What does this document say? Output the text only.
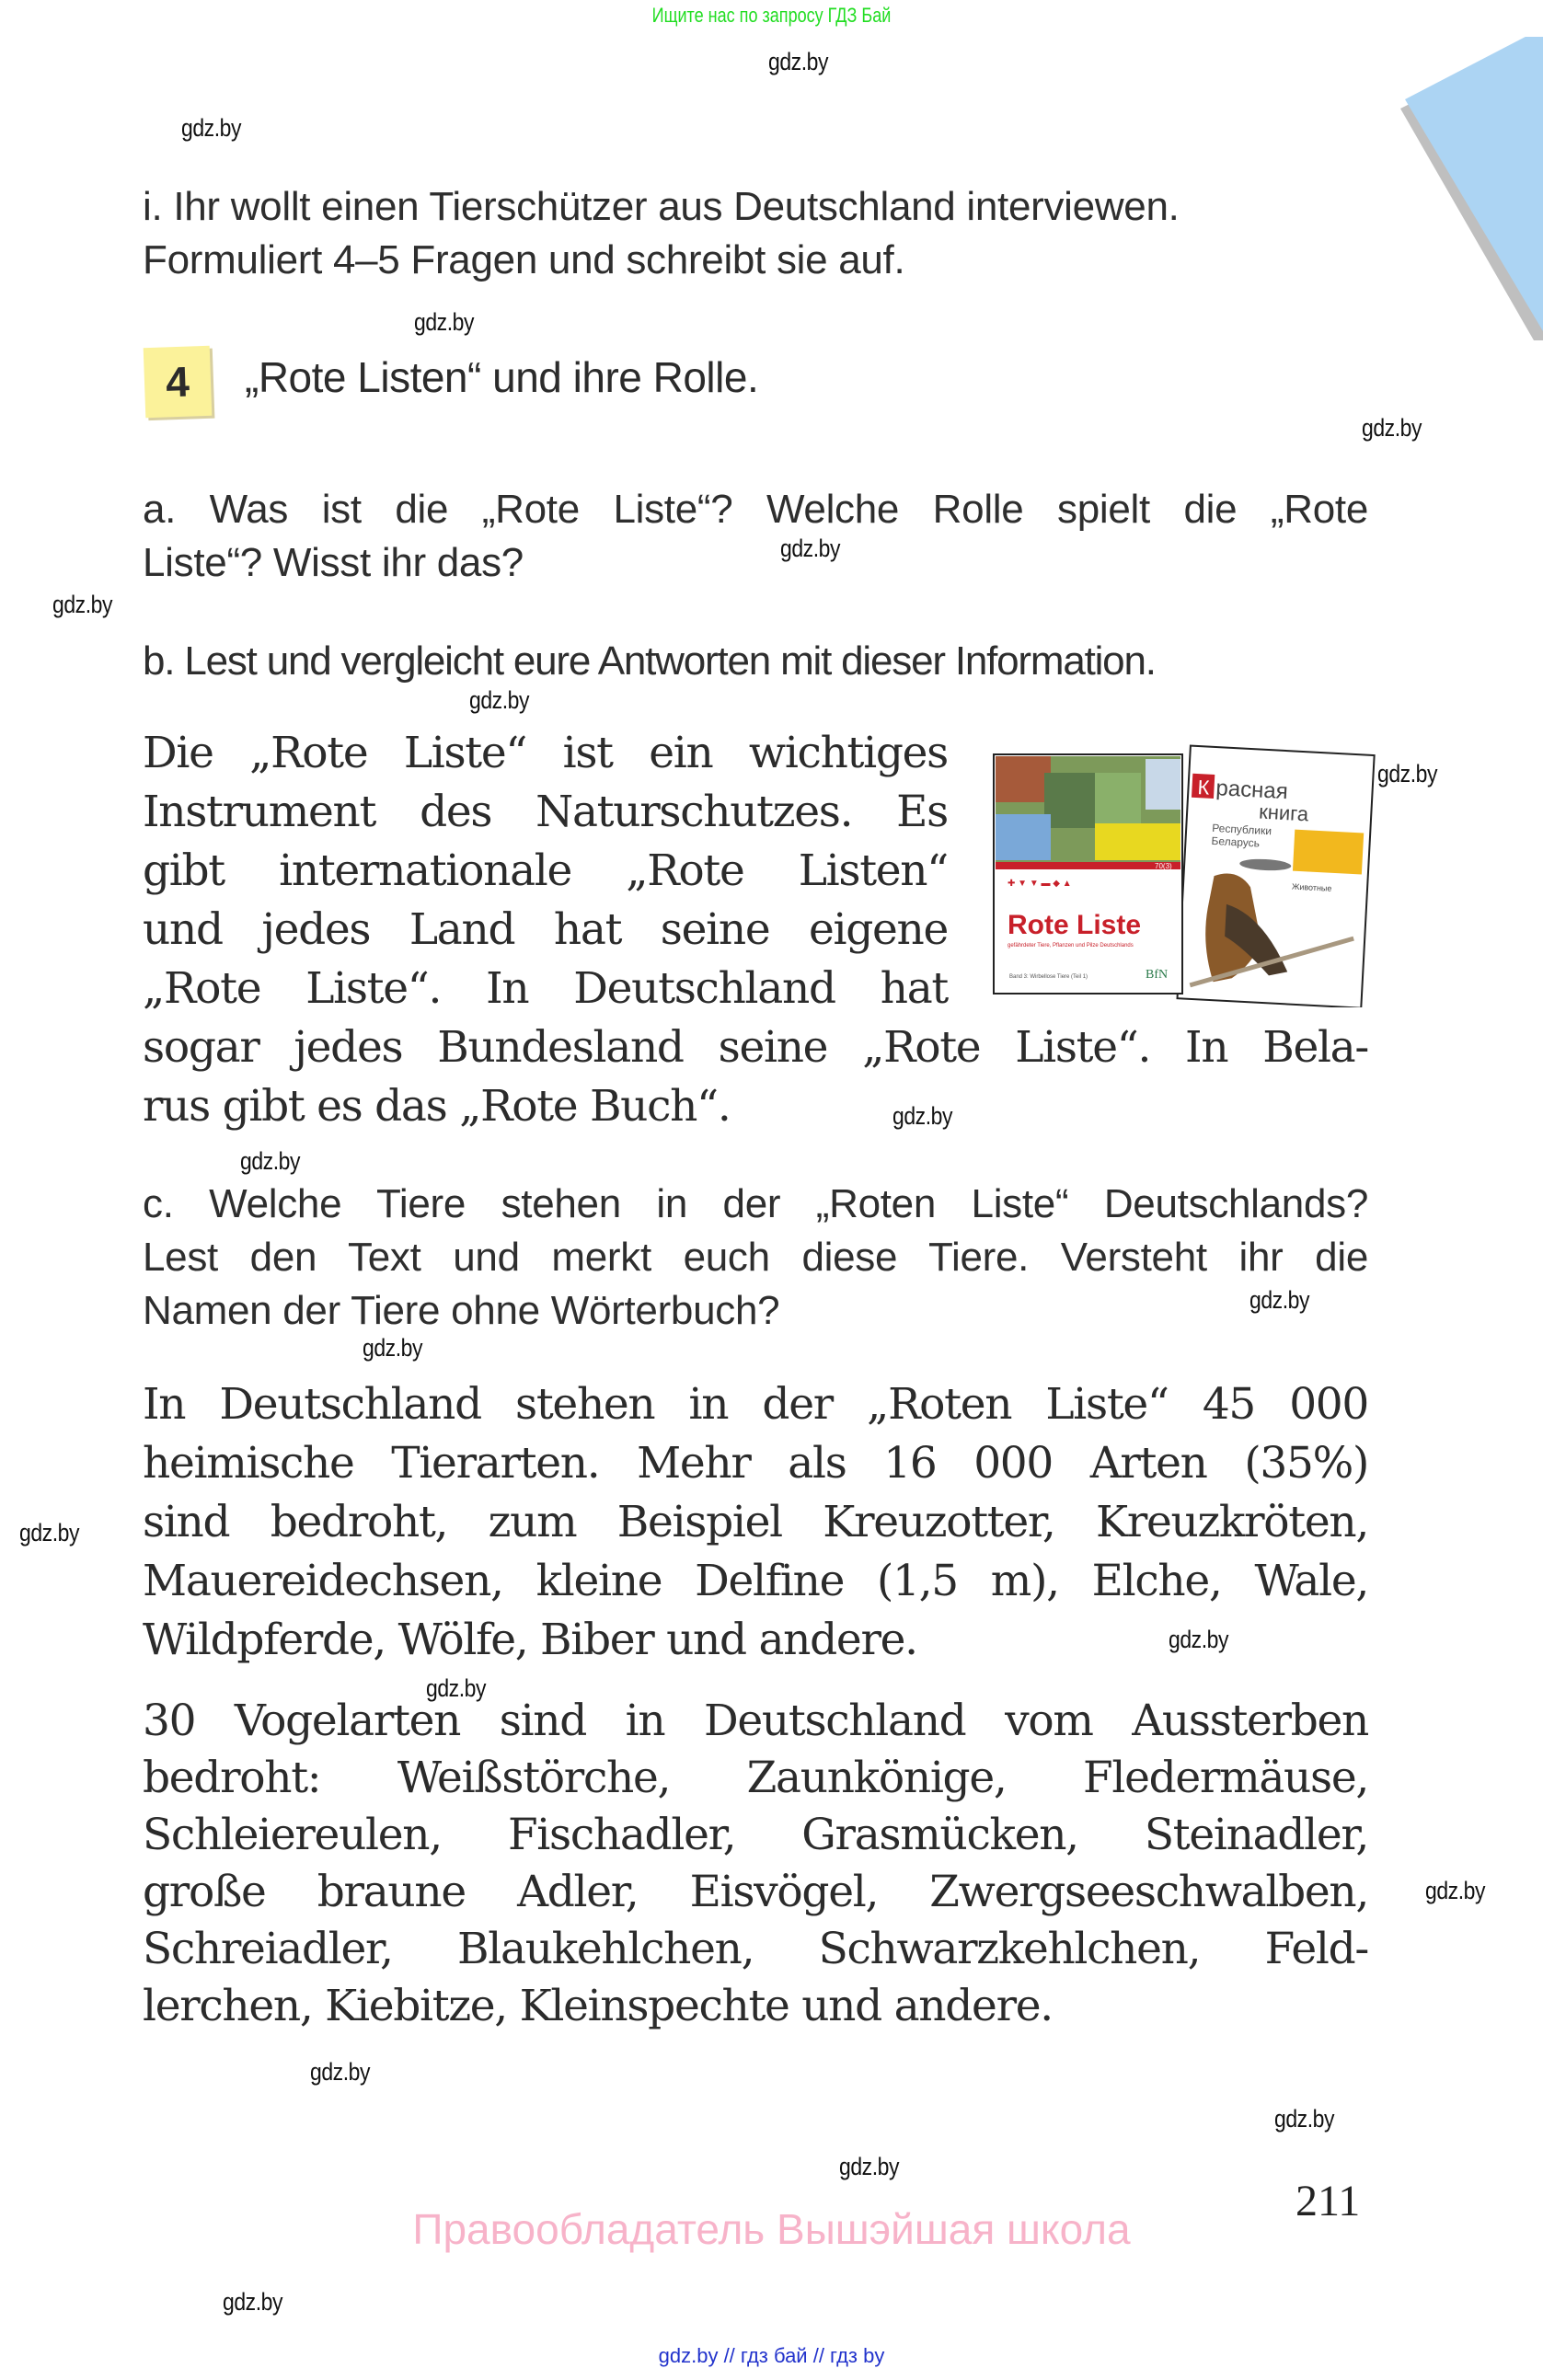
Ищите нас по запросу ГДЗ Бай
gdz.by
gdz.by
gdz.by
gdz.by
gdz.by
gdz.by
gdz.by
gdz.by
gdz.by
gdz.by
gdz.by
gdz.by
gdz.by
gdz.by
gdz.by
gdz.by
gdz.by
gdz.by
gdz.by
gdz.by
i. Ihr wollt einen Tierschützer aus Deutschland interviewen.
Formuliert 4–5 Fragen und schreibt sie auf.
4	„Rote Listen“ und ihre Rolle.
a. Was ist die „Rote Liste“? Welche Rolle spielt die „Rote
Liste“? Wisst ihr das?
b. Lest und vergleicht eure Antworten mit dieser Information.
Die „Rote Liste“ ist ein wichtiges
Instrument des Naturschutzes. Es
gibt internationale „Rote Listen“
und jedes Land hat seine eigene
„Rote Liste“. In Deutschland hat
sogar jedes Bundesland seine „Rote Liste“. In Bela-
rus gibt es das „Rote Buch“.
К расная
книга
Республики
Беларусь
Животные
70(3)
✚ ▼ ▼ ▬ ◆ ▲
Rote Liste
gefährdeter Tiere, Pflanzen und Pilze Deutschlands
Band 3: Wirbellose Tiere (Teil 1)	BfN
c. Welche Tiere stehen in der „Roten Liste“ Deutschlands?
Lest den Text und merkt euch diese Tiere. Versteht ihr die
Namen der Tiere ohne Wörterbuch?
In Deutschland stehen in der „Roten Liste“ 45 000
heimische Tierarten. Mehr als 16 000 Arten (35%)
sind bedroht, zum Beispiel Kreuzotter, Kreuzkröten,
Mauereidechsen, kleine Delfine (1,5 m), Elche, Wale,
Wildpferde, Wölfe, Biber und andere.
30 Vogelarten sind in Deutschland vom Aussterben
bedroht: Weißstörche, Zaunkönige, Fledermäuse,
Schleiereulen, Fischadler, Grasmücken, Steinadler,
große braune Adler, Eisvögel, Zwergseeschwalben,
Schreiadler, Blaukehlchen, Schwarzkehlchen, Feld-
lerchen, Kiebitze, Kleinspechte und andere.
211
Правообладатель Вышэйшая школа
gdz.by // гдз бай // гдз by
